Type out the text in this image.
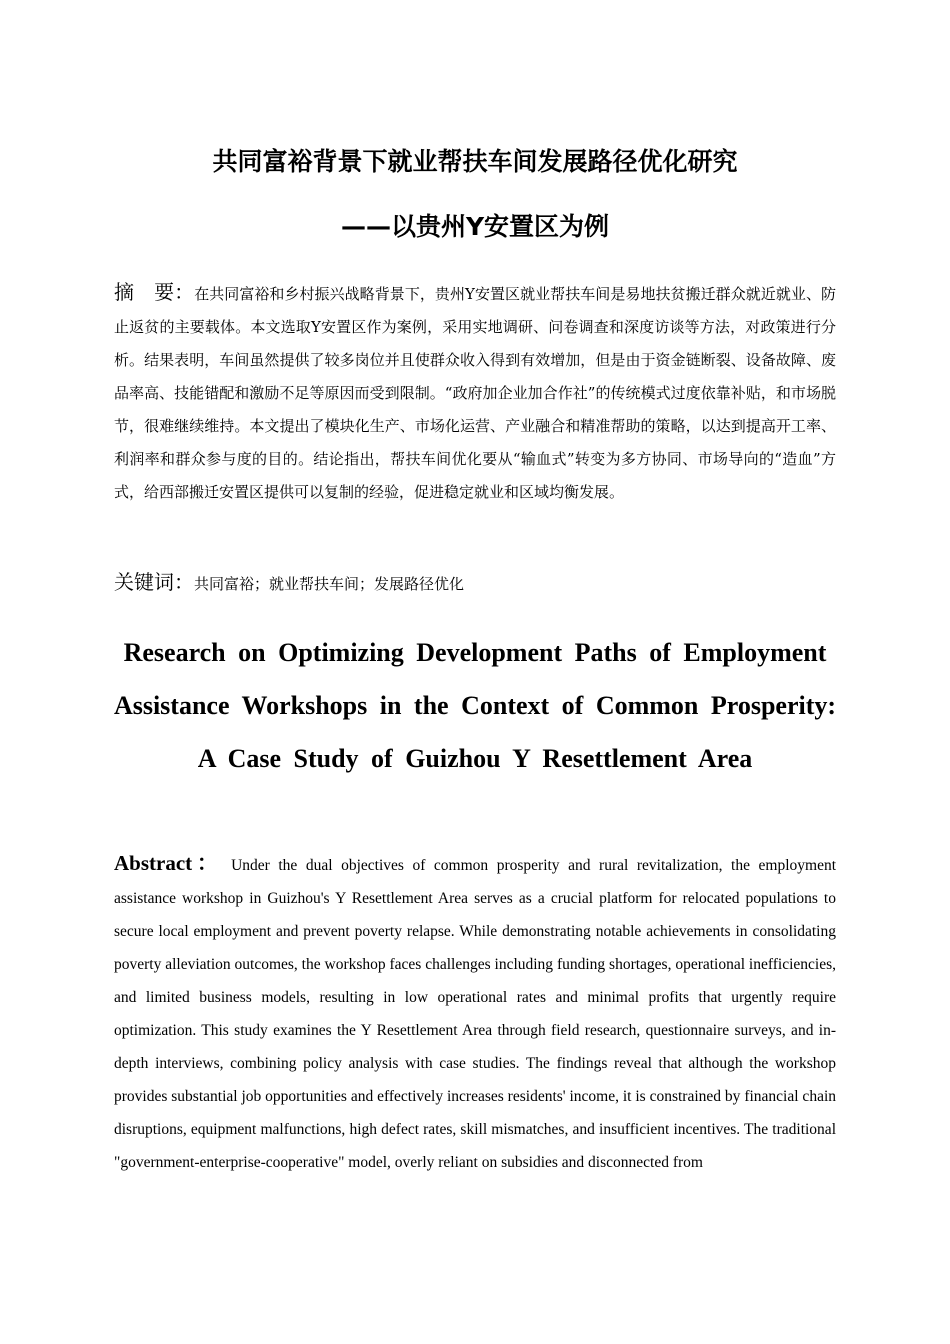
共同富裕背景下就业帮扶车间发展路径优化研究
——以贵州Y安置区为例

摘　要：在共同富裕和乡村振兴战略背景下，贵州Y安置区就业帮扶车间是易地扶贫搬迁群众就近就业、防止返贫的主要载体。本文选取Y安置区作为案例，采用实地调研、问卷调查和深度访谈等方法，对政策进行分析。结果表明，车间虽然提供了较多岗位并且使群众收入得到有效增加，但是由于资金链断裂、设备故障、废品率高、技能错配和激励不足等原因而受到限制。“政府加企业加合作社”的传统模式过度依靠补贴，和市场脱节，很难继续维持。本文提出了模块化生产、市场化运营、产业融合和精准帮助的策略，以达到提高开工率、利润率和群众参与度的目的。结论指出，帮扶车间优化要从“输血式”转变为多方协同、市场导向的“造血”方式，给西部搬迁安置区提供可以复制的经验，促进稳定就业和区域均衡发展。

关键词：共同富裕；就业帮扶车间；发展路径优化

Research on Optimizing Development Paths of Employment
Assistance Workshops in the Context of Common Prosperity:
A Case Study of Guizhou Y Resettlement Area

Abstract： Under the dual objectives of common prosperity and rural revitalization, the employment assistance workshop in Guizhou's Y Resettlement Area serves as a crucial platform for relocated populations to secure local employment and prevent poverty relapse. While demonstrating notable achievements in consolidating poverty alleviation outcomes, the workshop faces challenges including funding shortages, operational inefficiencies, and limited business models, resulting in low operational rates and minimal profits that urgently require optimization. This study examines the Y Resettlement Area through field research, questionnaire surveys, and in-depth interviews, combining policy analysis with case studies. The findings reveal that although the workshop provides substantial job opportunities and effectively increases residents' income, it is constrained by financial chain disruptions, equipment malfunctions, high defect rates, skill mismatches, and insufficient incentives. The traditional "government-enterprise-cooperative" model, overly reliant on subsidies and disconnected from
